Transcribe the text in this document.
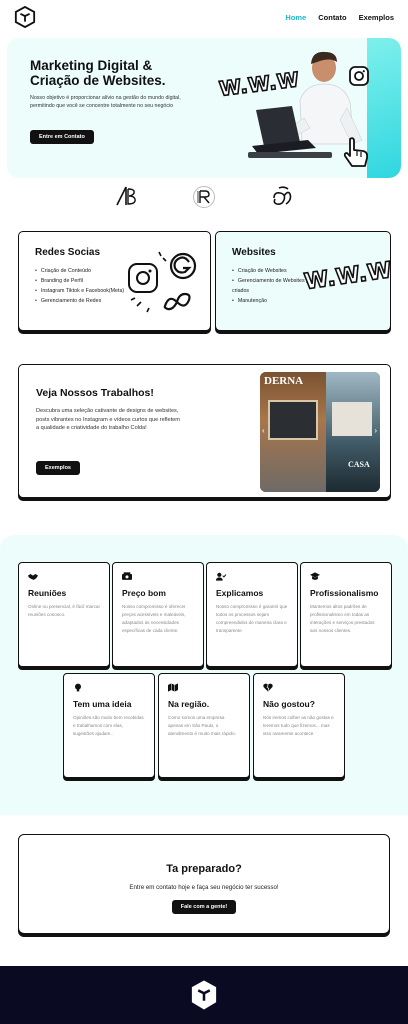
Home Contato Exemplos
Marketing Digital & Criação de Websites.

Nosso objetivo é proporcionar alívio na gestão do mundo digital, permitindo que você se concentre totalmente no seu negócio

Entre em Contato
W.W.W
Redes Socias
• Criação de Conteúdo
• Branding de Perfil
• Instagram Tiktok e Facebook(Meta)
• Gerenciamento de Redes
Websites
• Criação de Websites
• Gerenciamento de Websites já criados
• Manutenção
W.W.W
Veja Nossos Trabalhos!

Descubra uma seleção cativante de designs de websites, posts vibrantes no Instagram e vídeos curtos que refletem a qualidade e criatividade do trabalho Colda!

Exemplos
DERNA
CASA
‹	›
Reuniões
Online ou presencial, é fácil marcar reuniões conosco.
Preço bom
Nosso compromisso é oferecer preços acessíveis e maleáveis, adaptados às necessidades específicas de cada cliente.
Explicamos
Nosso compromisso é garantir que todos os processos sejam compreendidos de maneira clara e transparente
Profissionalismo
Mantemos altos padrões de profissionalismo em todas as interações e serviços prestados aos nossos clientes.
Tem uma ideia
Opiniões são muito bem recebidas e trabalhamos com elas, sugestões ajudam..
Na região.
Como somos uma empresa apenas em São Paulo, o atendimento é muito mais rápido.
Não gostou?
Nós iremos colher as não gostas e teremos tudo que fizemos... mas isso raramente acontece.
Ta preparado?
Entre em contato hoje e faça seu negócio ter sucesso!
Fale com a gente!
